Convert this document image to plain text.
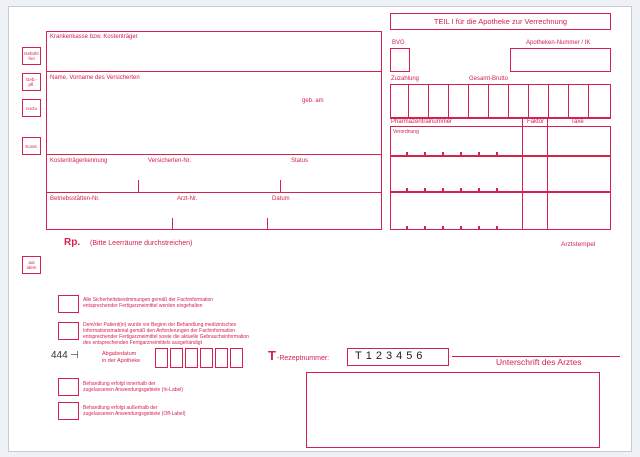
Gebühr frei
Geb.-pfl.
noctu
Sonst.
aut idem
Krankenkasse bzw. Kostenträger
Name, Vorname des Versicherten
geb. am
Kostenträgerkennung	Versicherten-Nr.	Status
Betriebsstätten-Nr.	Arzt-Nr.	Datum
TEIL I für die Apotheke zur Verrechnung
BVG	Apotheken-Nummer / IK
Zuzahlung	Gesamt-Brutto
Pharmazentralnummer	Faktor	Taxe
Verordnung
Rp. (Bitte Leerräume durchstreichen)	Arztstempel
Alle Sicherheitsbestimmungen gemäß der Fachinformation
entsprechender Fertigarzneimittel werden eingehalten
Dem/der Patient(in) wurde vor Beginn der Behandlung medizinisches
Informationsmaterial gemäß den Anforderungen der Fachinformation
entsprechender Fertigarzneimittel sowie die aktuelle Gebrauchsinformation
des entsprechenden Fertigarzneimittels ausgehändigt
444 ⊣	Abgabedatum
in der Apotheke	T -Rezeptnummer: T123456	Unterschrift des Arztes
Behandlung erfolgt innerhalb der
zugelassenen Anwendungsgebiete (In-Label)
Behandlung erfolgt außerhalb der
zugelassenen Anwendungsgebiete (Off-Label)
